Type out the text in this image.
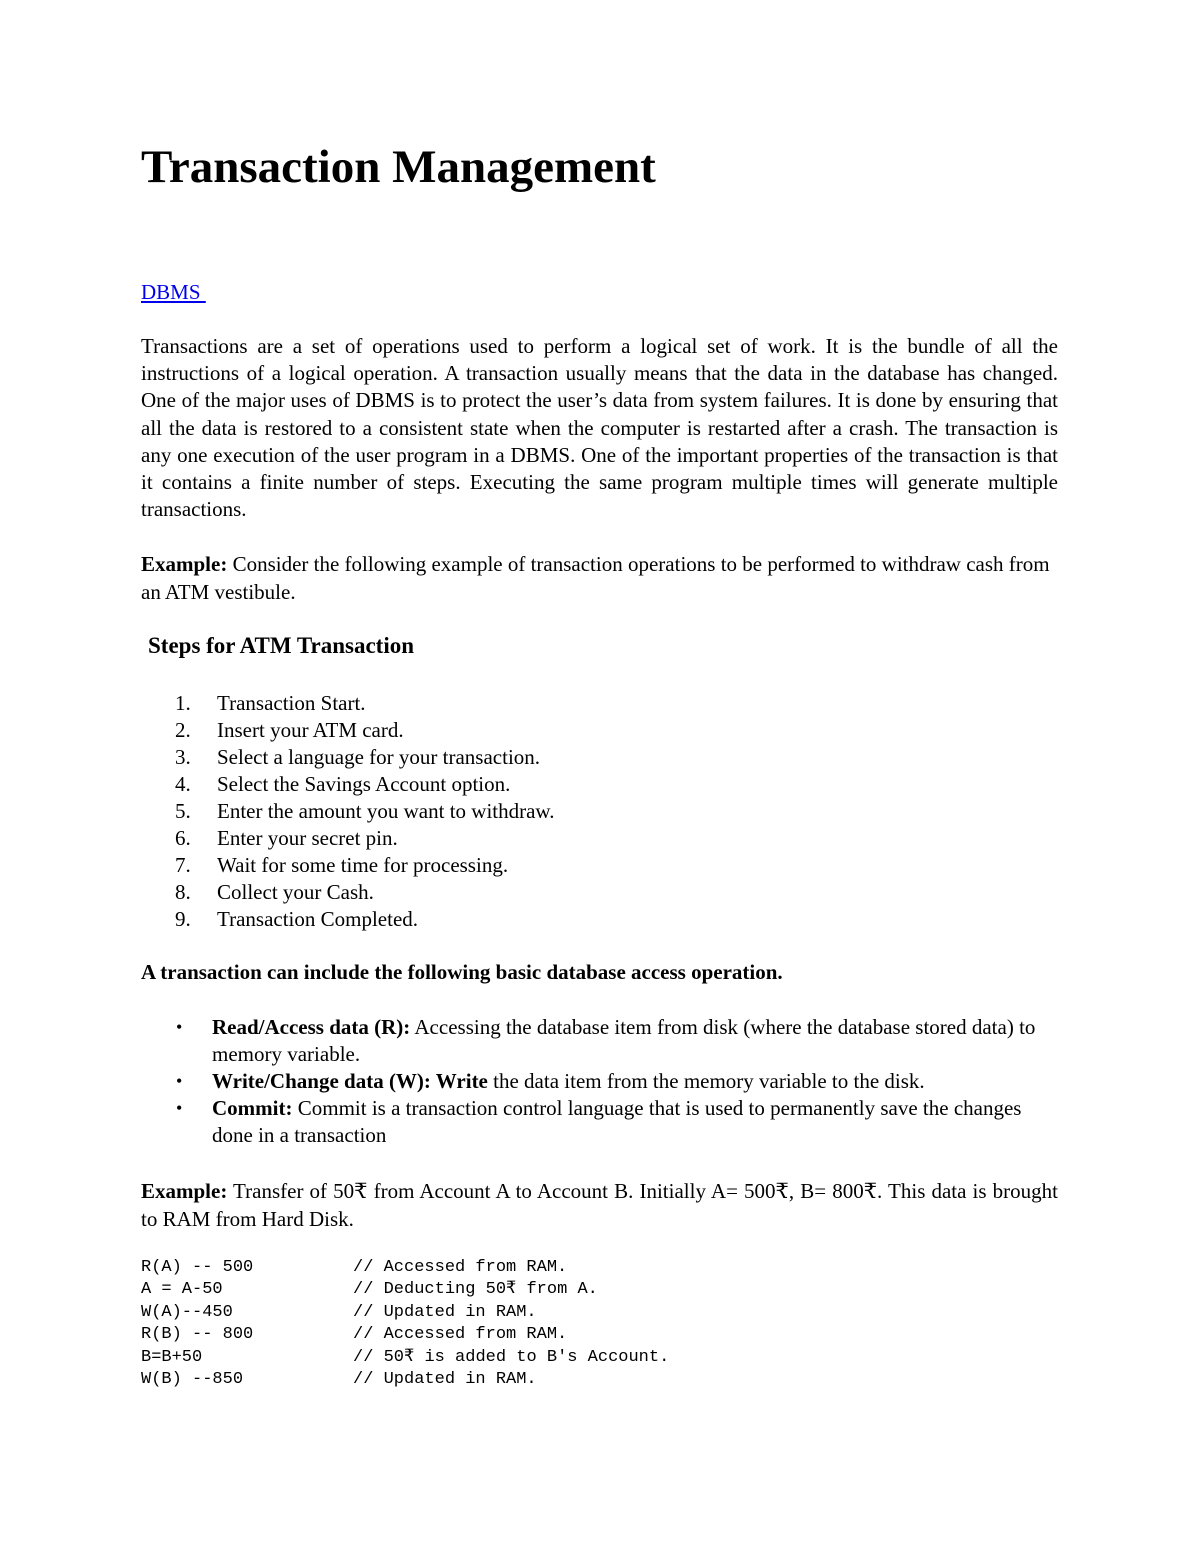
Transaction Management
DBMS

Transactions are a set of operations used to perform a logical set of work. It is the bundle of all the instructions of a logical operation. A transaction usually means that the data in the database has changed. One of the major uses of DBMS is to protect the user’s data from system failures. It is done by ensuring that all the data is restored to a consistent state when the computer is restarted after a crash. The transaction is any one execution of the user program in a DBMS. One of the important properties of the transaction is that it contains a finite number of steps. Executing the same program multiple times will generate multiple transactions.

Example: Consider the following example of transaction operations to be performed to withdraw cash from an ATM vestibule.

Steps for ATM Transaction
1. Transaction Start.
2. Insert your ATM card.
3. Select a language for your transaction.
4. Select the Savings Account option.
5. Enter the amount you want to withdraw.
6. Enter your secret pin.
7. Wait for some time for processing.
8. Collect your Cash.
9. Transaction Completed.

A transaction can include the following basic database access operation.

• Read/Access data (R): Accessing the database item from disk (where the database stored data) to memory variable.
• Write/Change data (W): Write the data item from the memory variable to the disk.
• Commit: Commit is a transaction control language that is used to permanently save the changes done in a transaction

Example: Transfer of 50₹ from Account A to Account B. Initially A= 500₹, B= 800₹. This data is brought to RAM from Hard Disk.

R(A) -- 500	// Accessed from RAM.
A = A-50	// Deducting 50₹ from A.
W(A)--450	// Updated in RAM.
R(B) -- 800	// Accessed from RAM.
B=B+50	// 50₹ is added to B's Account.
W(B) --850	// Updated in RAM.
